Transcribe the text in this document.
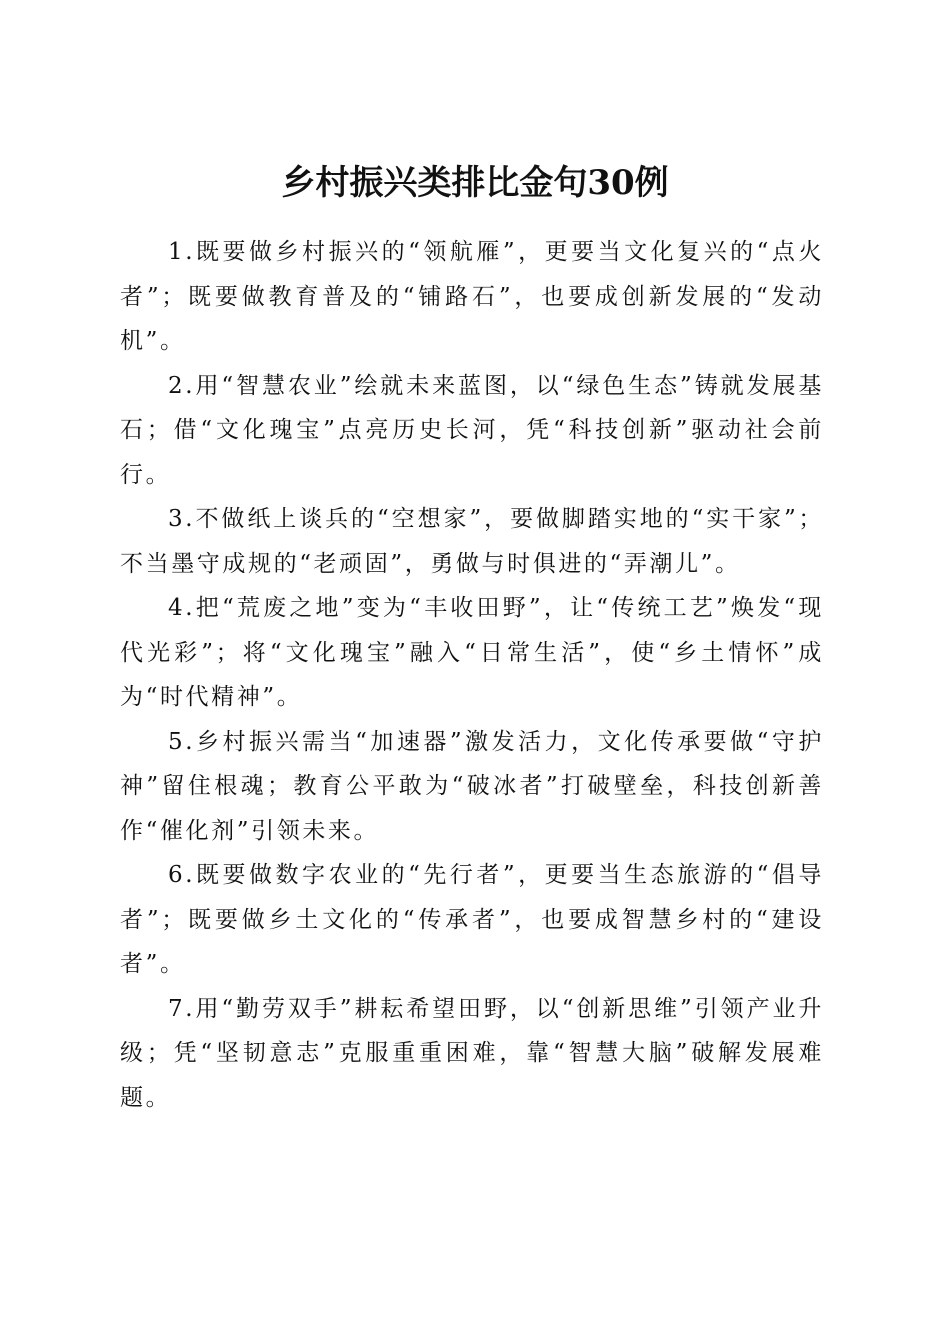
乡村振兴类排比金句30例

1.既要做乡村振兴的“领航雁”，更要当文化复兴的“点火者”；既要做教育普及的“铺路石”，也要成创新发展的“发动机”。

2.用“智慧农业”绘就未来蓝图，以“绿色生态”铸就发展基石；借“文化瑰宝”点亮历史长河，凭“科技创新”驱动社会前行。

3.不做纸上谈兵的“空想家”，要做脚踏实地的“实干家”；不当墨守成规的“老顽固”，勇做与时俱进的“弄潮儿”。

4.把“荒废之地”变为“丰收田野”，让“传统工艺”焕发“现代光彩”；将“文化瑰宝”融入“日常生活”，使“乡土情怀”成为“时代精神”。

5.乡村振兴需当“加速器”激发活力，文化传承要做“守护神”留住根魂；教育公平敢为“破冰者”打破壁垒，科技创新善作“催化剂”引领未来。

6.既要做数字农业的“先行者”，更要当生态旅游的“倡导者”；既要做乡土文化的“传承者”，也要成智慧乡村的“建设者”。

7.用“勤劳双手”耕耘希望田野，以“创新思维”引领产业升级；凭“坚韧意志”克服重重困难，靠“智慧大脑”破解发展难题。
